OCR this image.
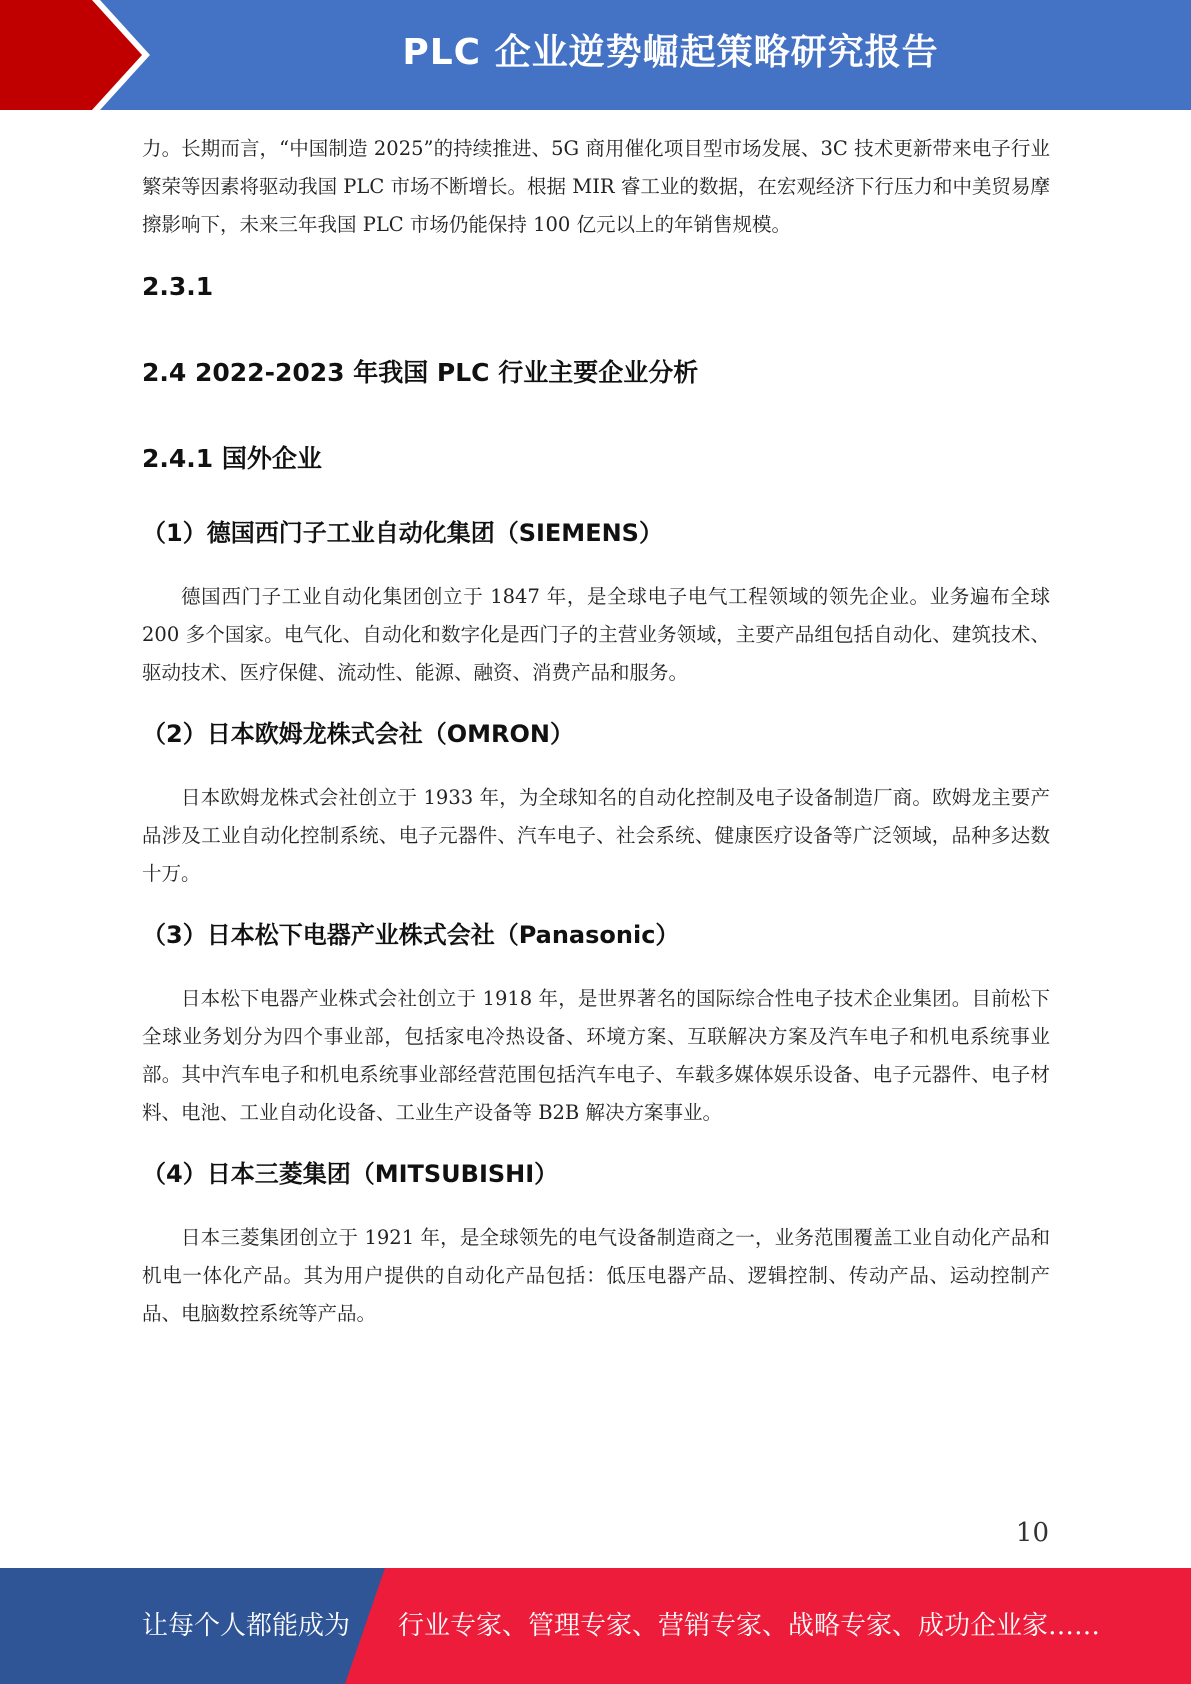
PLC 企业逆势崛起策略研究报告

力。长期而言，“中国制造 2025”的持续推进、5G 商用催化项目型市场发展、3C 技术更新带来电子行业繁荣等因素将驱动我国 PLC 市场不断增长。根据 MIR 睿工业的数据，在宏观经济下行压力和中美贸易摩擦影响下，未来三年我国 PLC 市场仍能保持 100 亿元以上的年销售规模。

2.3.1
2.4 2022-2023 年我国 PLC 行业主要企业分析
2.4.1 国外企业
（1）德国西门子工业自动化集团（SIEMENS）

德国西门子工业自动化集团创立于 1847 年，是全球电子电气工程领域的领先企业。业务遍布全球 200 多个国家。电气化、自动化和数字化是西门子的主营业务领域，主要产品组包括自动化、建筑技术、驱动技术、医疗保健、流动性、能源、融资、消费产品和服务。

（2）日本欧姆龙株式会社（OMRON）

日本欧姆龙株式会社创立于 1933 年，为全球知名的自动化控制及电子设备制造厂商。欧姆龙主要产品涉及工业自动化控制系统、电子元器件、汽车电子、社会系统、健康医疗设备等广泛领域，品种多达数十万。

（3）日本松下电器产业株式会社（Panasonic）

日本松下电器产业株式会社创立于 1918 年，是世界著名的国际综合性电子技术企业集团。目前松下全球业务划分为四个事业部，包括家电冷热设备、环境方案、互联解决方案及汽车电子和机电系统事业部。其中汽车电子和机电系统事业部经营范围包括汽车电子、车载多媒体娱乐设备、电子元器件、电子材料、电池、工业自动化设备、工业生产设备等 B2B 解决方案事业。

（4）日本三菱集团（MITSUBISHI）

日本三菱集团创立于 1921 年，是全球领先的电气设备制造商之一，业务范围覆盖工业自动化产品和机电一体化产品。其为用户提供的自动化产品包括：低压电器产品、逻辑控制、传动产品、运动控制产品、电脑数控系统等产品。

10
让每个人都能成为 行业专家、管理专家、营销专家、战略专家、成功企业家……
